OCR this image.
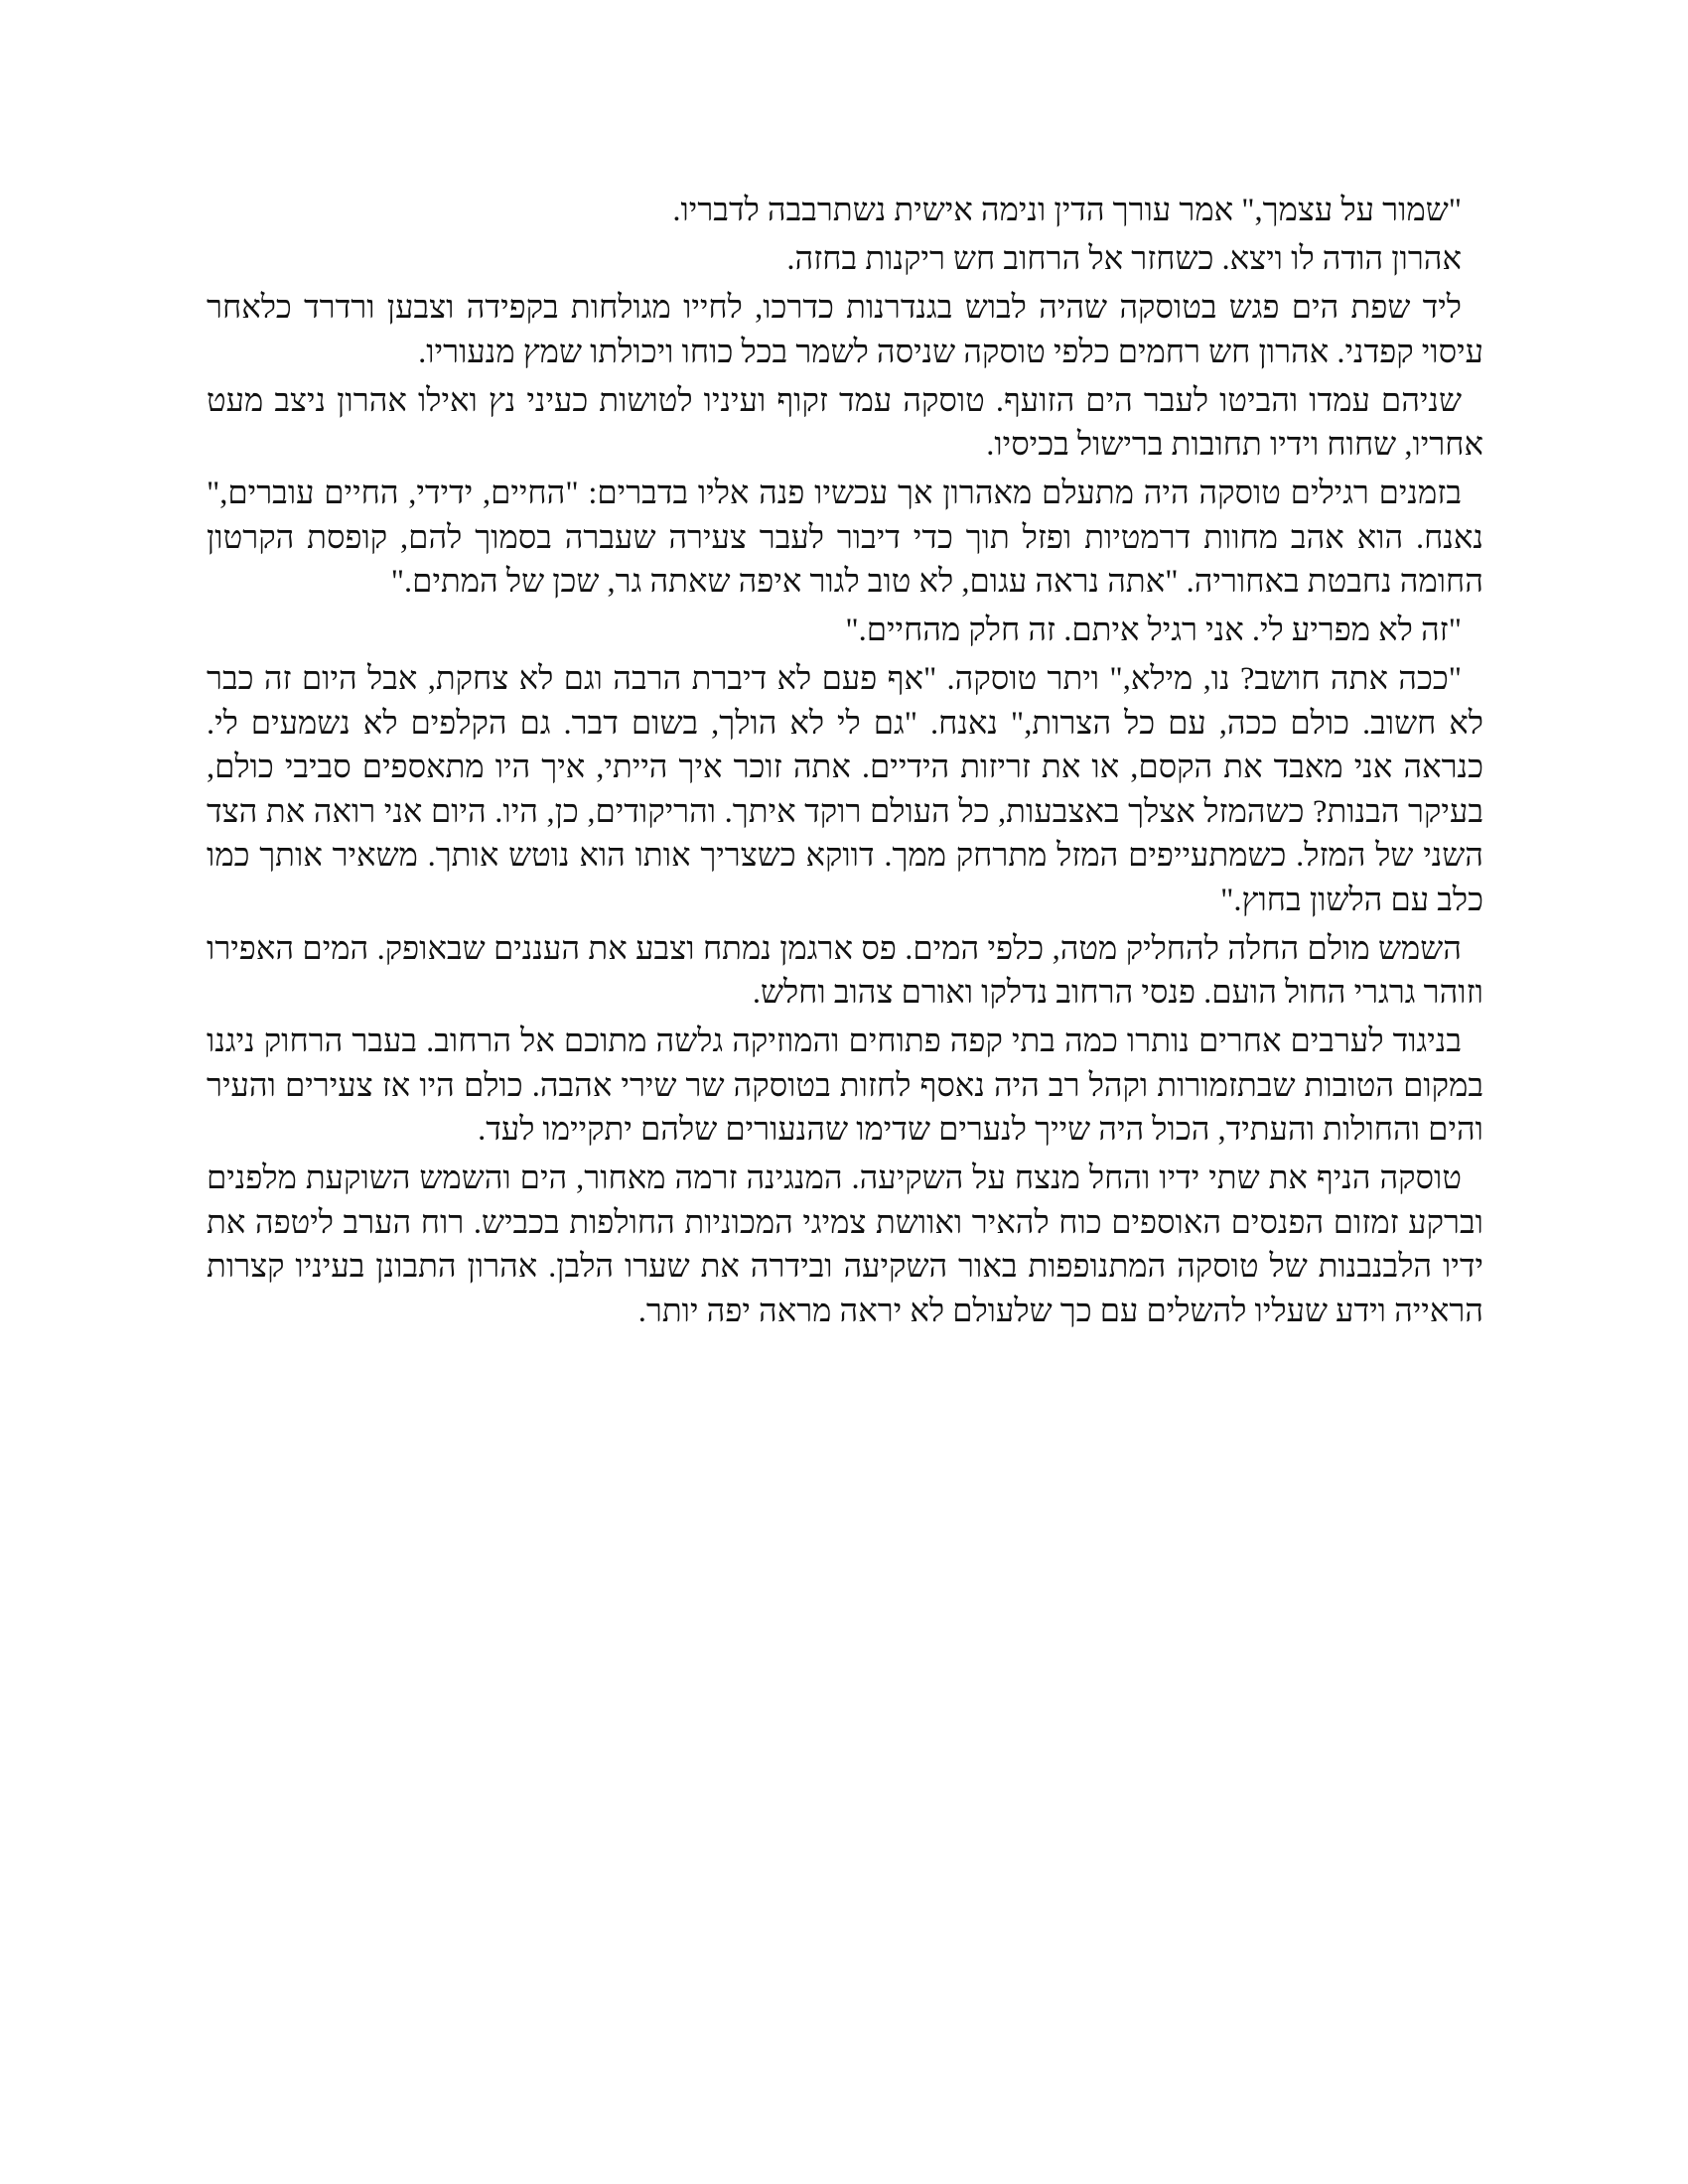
"שמור על עצמך," אמר עורך הדין ונימה אישית נשתרבבה לדבריו.

אהרון הודה לו ויצא. כשחזר אל הרחוב חש ריקנות בחזה.

ליד שפת הים פגש בטוסקה שהיה לבוש בגנדרנות כדרכו, לחייו מגולחות בקפידה וצבען ורדרד כלאחר עיסוי קפדני. אהרון חש רחמים כלפי טוסקה שניסה לשמר בכל כוחו ויכולתו שמץ מנעוריו.

שניהם עמדו והביטו לעבר הים הזועף. טוסקה עמד זקוף ועיניו לטושות כעיני נץ ואילו אהרון ניצב מעט אחריו, שחוח וידיו תחובות ברישול בכיסיו.

בזמנים רגילים טוסקה היה מתעלם מאהרון אך עכשיו פנה אליו בדברים: "החיים, ידידי, החיים עוברים," נאנח. הוא אהב מחוות דרמטיות ופזל תוך כדי דיבור לעבר צעירה שעברה בסמוך להם, קופסת הקרטון החומה נחבטת באחוריה. "אתה נראה עגום, לא טוב לגור איפה שאתה גר, שכן של המתים."

"זה לא מפריע לי. אני רגיל איתם. זה חלק מהחיים."

"ככה אתה חושב? נו, מילא," ויתר טוסקה. "אף פעם לא דיברת הרבה וגם לא צחקת, אבל היום זה כבר לא חשוב. כולם ככה, עם כל הצרות," נאנח. "גם לי לא הולך, בשום דבר. גם הקלפים לא נשמעים לי. כנראה אני מאבד את הקסם, או את זריזות הידיים. אתה זוכר איך הייתי, איך היו מתאספים סביבי כולם, בעיקר הבנות? כשהמזל אצלך באצבעות, כל העולם רוקד איתך. והריקודים, כן, היו. היום אני רואה את הצד השני של המזל. כשמתעייפים המזל מתרחק ממך. דווקא כשצריך אותו הוא נוטש אותך. משאיר אותך כמו כלב עם הלשון בחוץ."

השמש מולם החלה להחליק מטה, כלפי המים. פס ארגמן נמתח וצבע את העננים שבאופק. המים האפירו וזוהר גרגרי החול הועם. פנסי הרחוב נדלקו ואורם צהוב וחלש.

בניגוד לערבים אחרים נותרו כמה בתי קפה פתוחים והמוזיקה גלשה מתוכם אל הרחוב. בעבר הרחוק ניגנו במקום הטובות שבתזמורות וקהל רב היה נאסף לחזות בטוסקה שר שירי אהבה. כולם היו אז צעירים והעיר והים והחולות והעתיד, הכול היה שייך לנערים שדימו שהנעורים שלהם יתקיימו לעד.

טוסקה הניף את שתי ידיו והחל מנצח על השקיעה. המנגינה זרמה מאחור, הים והשמש השוקעת מלפנים וברקע זמזום הפנסים האוספים כוח להאיר ואוושת צמיגי המכוניות החולפות בכביש. רוח הערב ליטפה את ידיו הלבנבנות של טוסקה המתנופפות באור השקיעה ובידרה את שערו הלבן. אהרון התבונן בעיניו קצרות הראייה וידע שעליו להשלים עם כך שלעולם לא יראה מראה יפה יותר.
